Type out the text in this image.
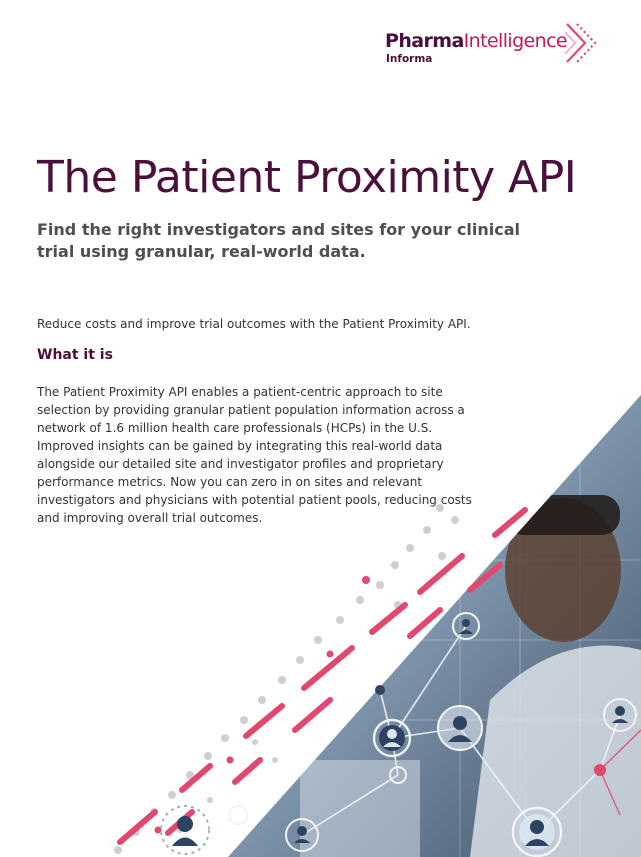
PharmaIntelligence
Informa
The Patient Proximity API

Find the right investigators and sites for your clinical trial using granular, real-world data.

Reduce costs and improve trial outcomes with the Patient Proximity API.

What it is

The Patient Proximity API enables a patient-centric approach to site selection by providing granular patient population information across a network of 1.6 million health care professionals (HCPs) in the U.S. Improved insights can be gained by integrating this real-world data alongside our detailed site and investigator profiles and proprietary performance metrics. Now you can zero in on sites and relevant investigators and physicians with potential patient pools, reducing costs and improving overall trial outcomes.
